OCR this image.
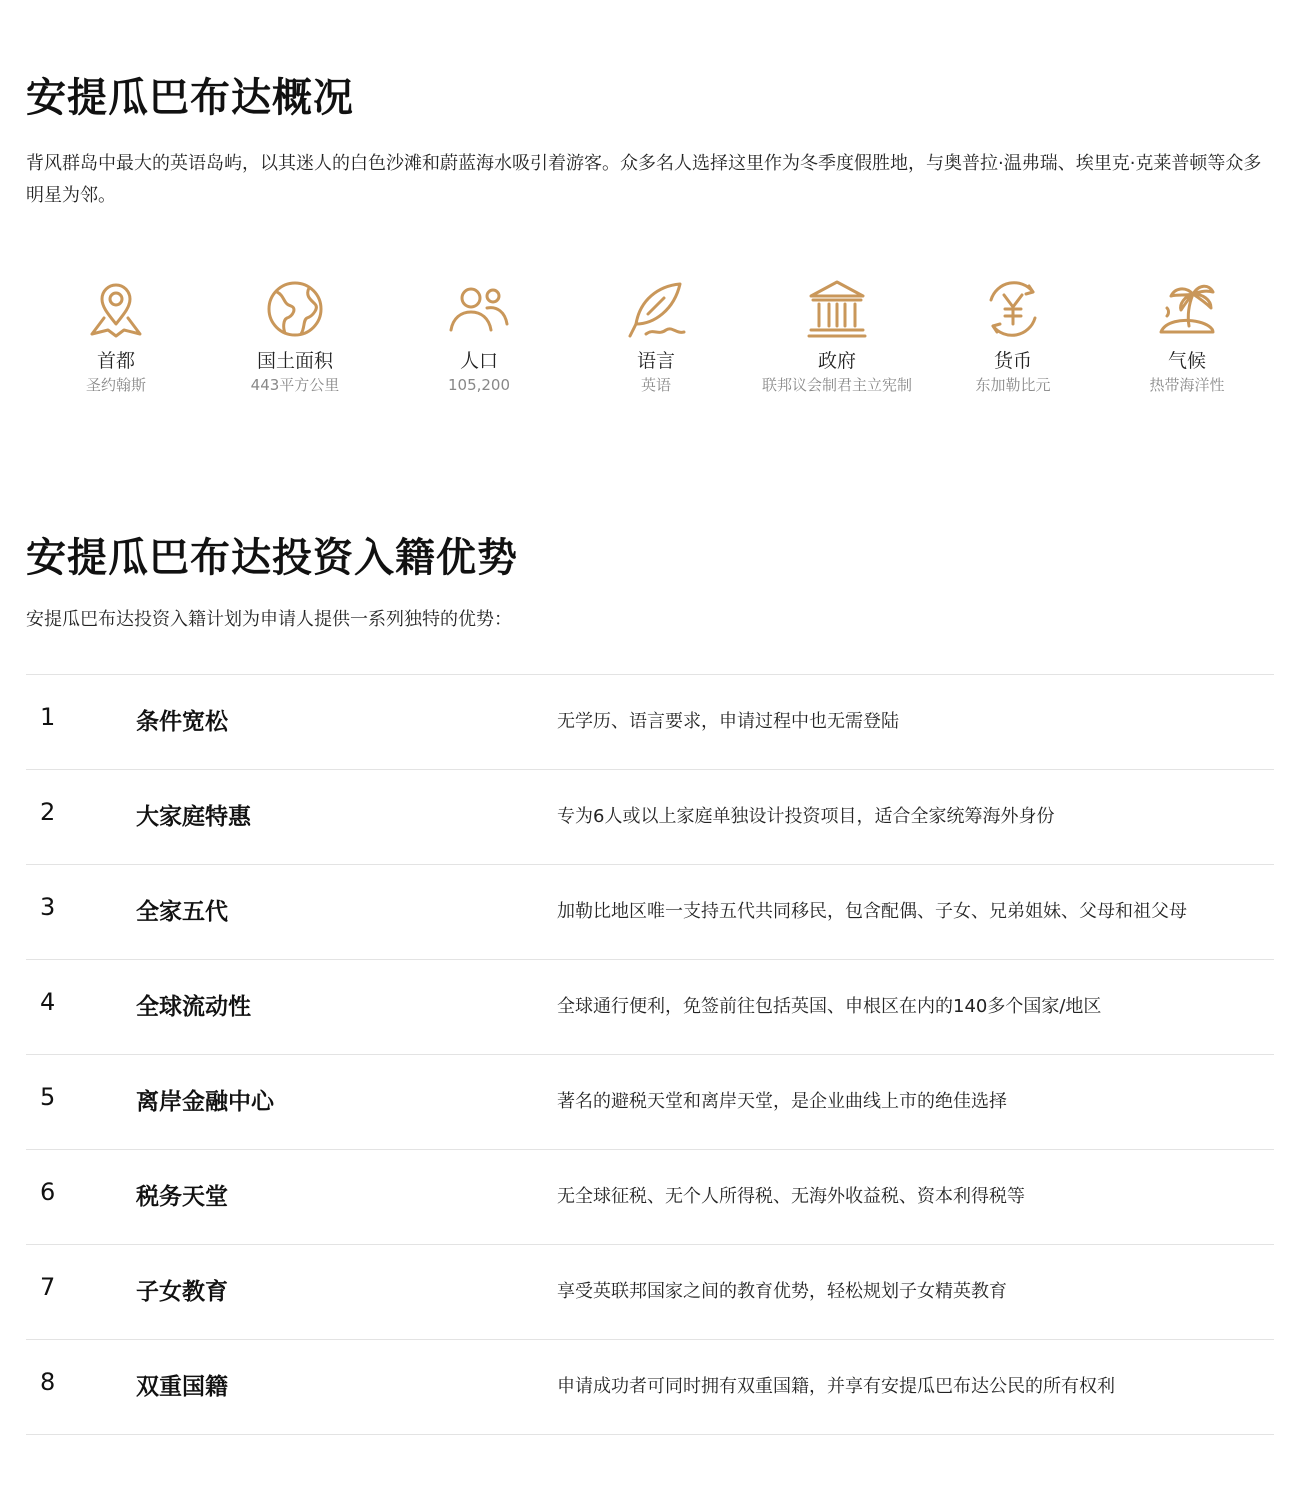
安提瓜巴布达概况

背风群岛中最大的英语岛屿，以其迷人的白色沙滩和蔚蓝海水吸引着游客。众多名人选择这里作为冬季度假胜地，与奥普拉·温弗瑞、埃里克·克莱普顿等众多明星为邻。

首都
圣约翰斯
国土面积
443平方公里
人口
105,200
语言
英语
政府
联邦议会制君主立宪制
货币
东加勒比元
气候
热带海洋性
安提瓜巴布达投资入籍优势

安提瓜巴布达投资入籍计划为申请人提供一系列独特的优势：

1	条件宽松	无学历、语言要求，申请过程中也无需登陆
2	大家庭特惠	专为6人或以上家庭单独设计投资项目，适合全家统筹海外身份
3	全家五代	加勒比地区唯一支持五代共同移民，包含配偶、子女、兄弟姐妹、父母和祖父母
4	全球流动性	全球通行便利，免签前往包括英国、申根区在内的140多个国家/地区
5	离岸金融中心	著名的避税天堂和离岸天堂，是企业曲线上市的绝佳选择
6	税务天堂	无全球征税、无个人所得税、无海外收益税、资本利得税等
7	子女教育	享受英联邦国家之间的教育优势，轻松规划子女精英教育
8	双重国籍	申请成功者可同时拥有双重国籍，并享有安提瓜巴布达公民的所有权利
